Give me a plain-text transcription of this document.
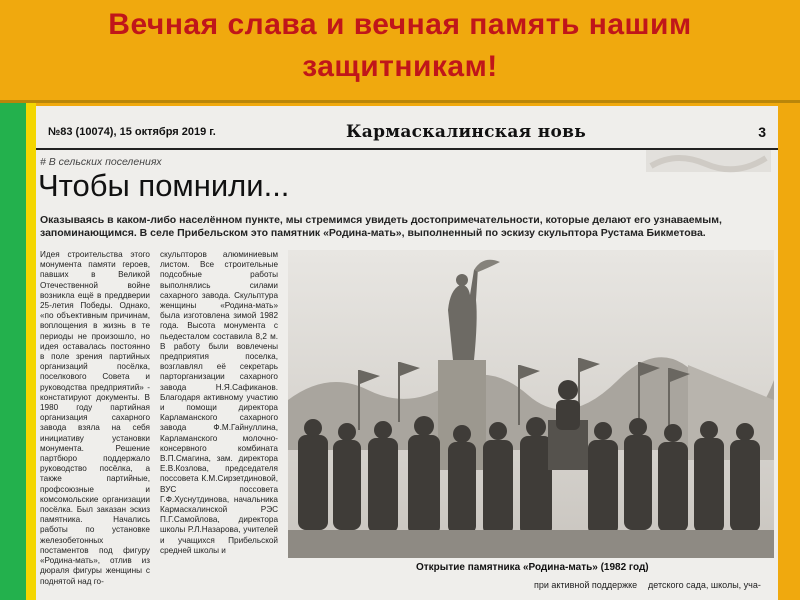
Вечная слава и вечная память нашим
защитникам!
№83 (10074), 15 октября 2019 г.	Кармаскалинская новь	3
# В сельских поселениях
Чтобы помнили...
Оказываясь в каком-либо населённом пункте, мы стремимся увидеть достопримечательности, которые делают его узнаваемым, запоминающимся. В селе Прибельском это памятник «Родина-мать», выполненный по эскизу скульптора Рустама Бикметова.

Идея строительства этого монумента памяти героев, павших в Великой Отечественной войне возникла ещё в преддверии 25-летия Победы. Однако, «по объективным причинам, воплощения в жизнь в те периоды не произошло, но идея оставалась постоянно в поле зрения партийных организаций посёлка, поселкового Совета и руководства предприятий» - констатируют документы. В 1980 году партийная организация сахарного завода взяла на себя инициативу установки монумента. Решение партбюро поддержало руководство посёлка, а также партийные, профсоюзные и комсомольские организации посёлка. Был заказан эскиз памятника. Начались работы по установке железобетонных постаментов под фигуру «Родина-мать», отлив из дюраля фигуры женщины с поднятой над го-

скульпторов алюминиевым листом. Все строительные подсобные работы выполнялись силами сахарного завода. Скульптура женщины «Родина-мать» была изготовлена зимой 1982 года. Высота монумента с пьедесталом составила 8,2 м. В работу были вовлечены предприятия поселка, возглавлял её секретарь парторганизации сахарного завода Н.Я.Сафиканов. Благодаря активному участию и помощи директора Карламанского сахарного завода Ф.М.Гайнуллина, Карламанского молочно-консервного комбината В.П.Смагина, зам. директора Е.В.Козлова, председателя поссовета К.М.Сирзетдиновой, ВУС поссовета Г.Ф.Хуснутдинова, начальника Кармаскалинской РЭС П.Г.Самойлова, директора школы Р.Л.Назарова, учителей и учащихся Прибельской средней школы и

Открытие памятника «Родина-мать» (1982 год)
при активной поддержке детского сада, школы, уча-
